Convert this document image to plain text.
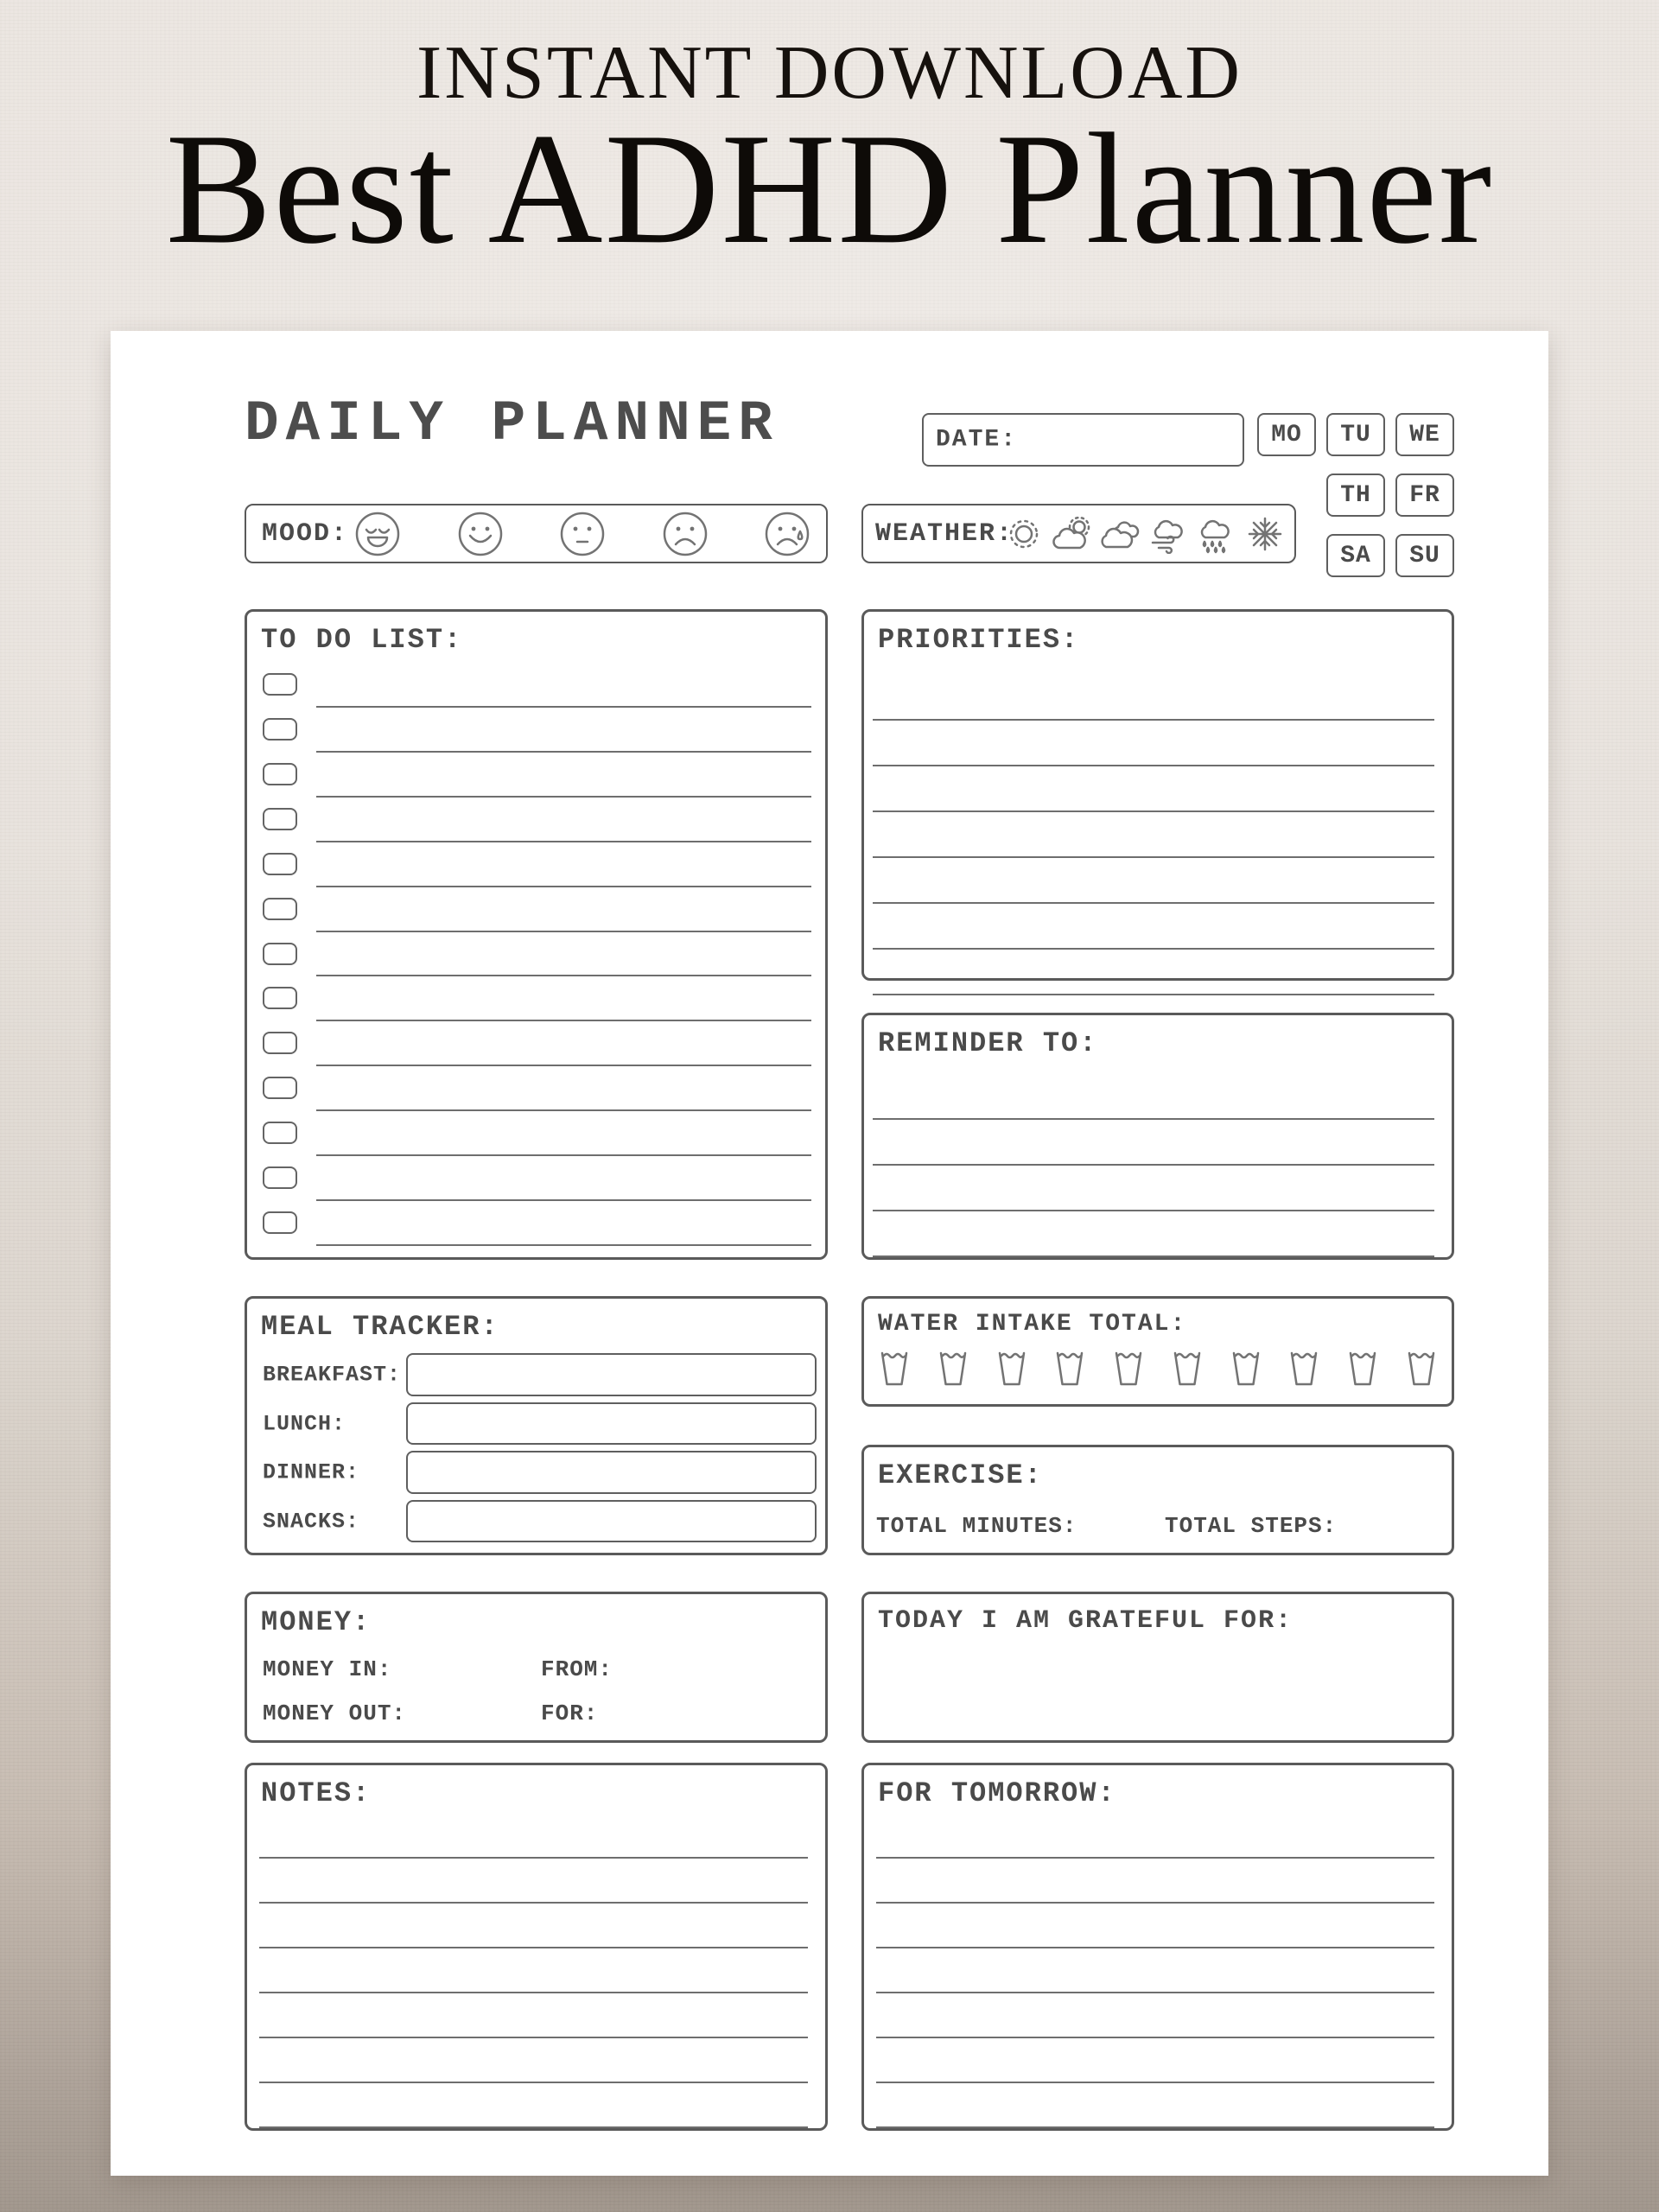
INSTANT DOWNLOAD
Best ADHD Planner
DAILY PLANNER	DATE:	MO	TU	WE
TH	FR
SA	SU
MOOD:	WEATHER:
TO DO LIST:	PRIORITIES:
REMINDER TO:
MEAL TRACKER:
BREAKFAST:
LUNCH:
DINNER:
SNACKS:
WATER INTAKE TOTAL:
EXERCISE:
TOTAL MINUTES:	TOTAL STEPS:
MONEY:
MONEY IN:	FROM:
MONEY OUT:	FOR:
TODAY I AM GRATEFUL FOR:
NOTES:	FOR TOMORROW:
